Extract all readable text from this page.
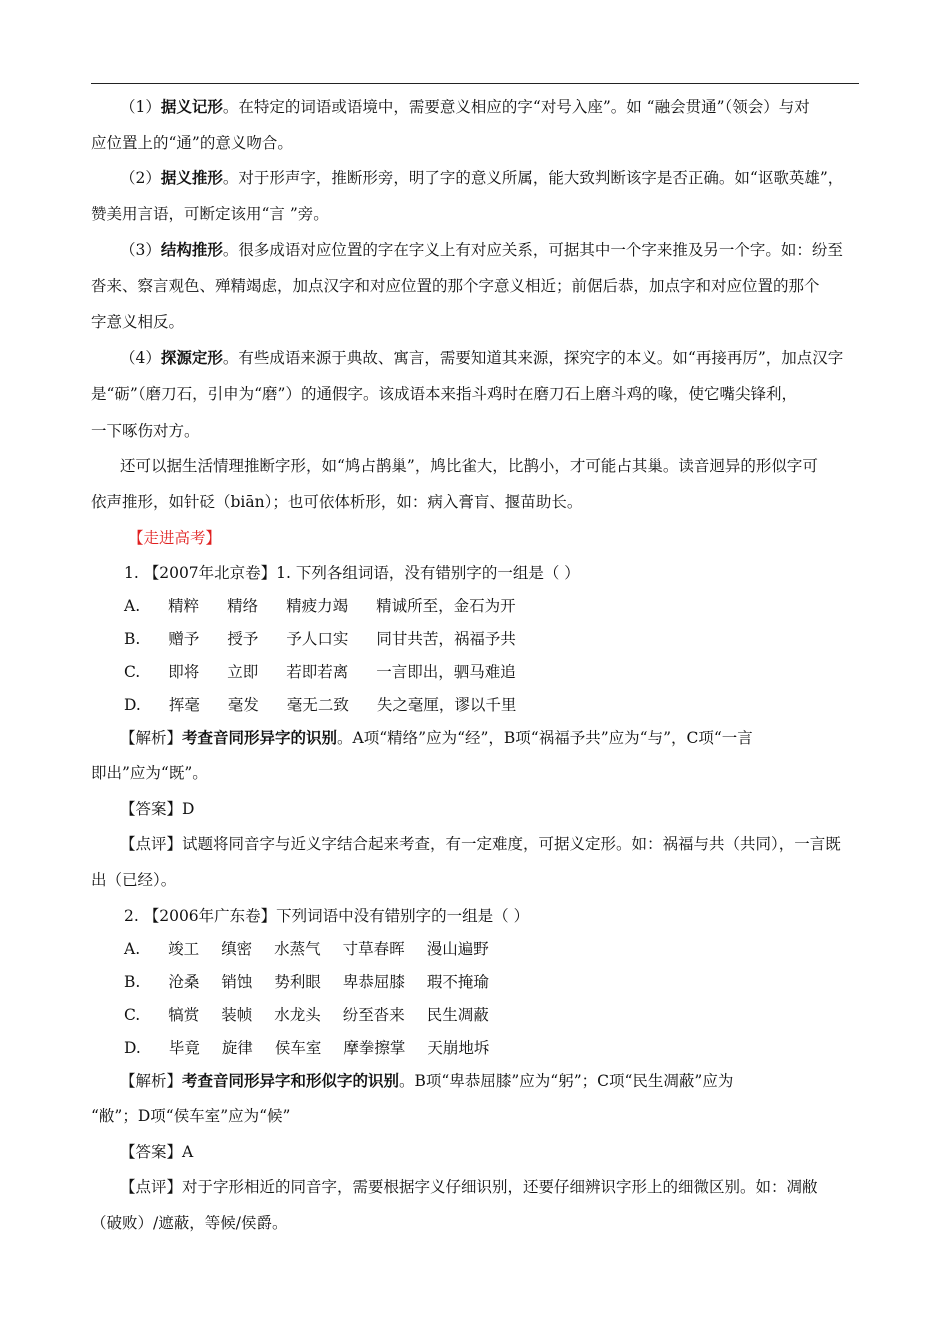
（1）据义记形。在特定的词语或语境中，需要意义相应的字“对号入座”。如 “融会贯通”（领会）与对
应位置上的“通”的意义吻合。
（2）据义推形。对于形声字，推断形旁，明了字的意义所属，能大致判断该字是否正确。如“讴歌英雄”，
赞美用言语，可断定该用“言 ”旁。
（3）结构推形。很多成语对应位置的字在字义上有对应关系，可据其中一个字来推及另一个字。如：纷至
沓来、察言观色、殚精竭虑，加点汉字和对应位置的那个字意义相近；前倨后恭，加点字和对应位置的那个
字意义相反。
（4）探源定形。有些成语来源于典故、寓言，需要知道其来源，探究字的本义。如“再接再厉”，加点汉字
是“砺”（磨刀石，引申为“磨”）的通假字。该成语本来指斗鸡时在磨刀石上磨斗鸡的喙，使它嘴尖锋利，
一下啄伤对方。
还可以据生活情理推断字形，如“鸠占鹊巢”，鸠比雀大，比鹊小，才可能占其巢。读音迥异的形似字可
依声推形，如针砭（biān）；也可依体析形，如：病入膏肓、揠苗助长。
【走进高考】
1. 【2007年北京卷】1. 下列各组词语，没有错别字的一组是（ ）
A. 精粹 精络 精疲力竭 精诚所至，金石为开
B. 赠予 授予 予人口实 同甘共苦，祸福予共
C. 即将 立即 若即若离 一言即出，驷马难追
D. 挥毫 毫发 毫无二致 失之毫厘，谬以千里
【解析】考查音同形异字的识别。A项“精络”应为“经”，B项“祸福予共”应为“与”，C项“一言
即出”应为“既”。
【答案】D
【点评】试题将同音字与近义字结合起来考查，有一定难度，可据义定形。如：祸福与共（共同），一言既
出（已经）。
2. 【2006年广东卷】下列词语中没有错别字的一组是（ ）
A. 竣工 缜密 水蒸气 寸草春晖 漫山遍野
B. 沧桑 销蚀 势利眼 卑恭屈膝 瑕不掩瑜
C. 犒赏 装帧 水龙头 纷至沓来 民生凋蔽
D. 毕竟 旋律 侯车室 摩拳擦掌 天崩地坼
【解析】考查音同形异字和形似字的识别。B项“卑恭屈膝”应为“躬”；C项“民生凋蔽”应为
“敝”；D项“侯车室”应为“候”
【答案】A
【点评】对于字形相近的同音字，需要根据字义仔细识别，还要仔细辨识字形上的细微区别。如：凋敝
（破败）/遮蔽，等候/侯爵。
